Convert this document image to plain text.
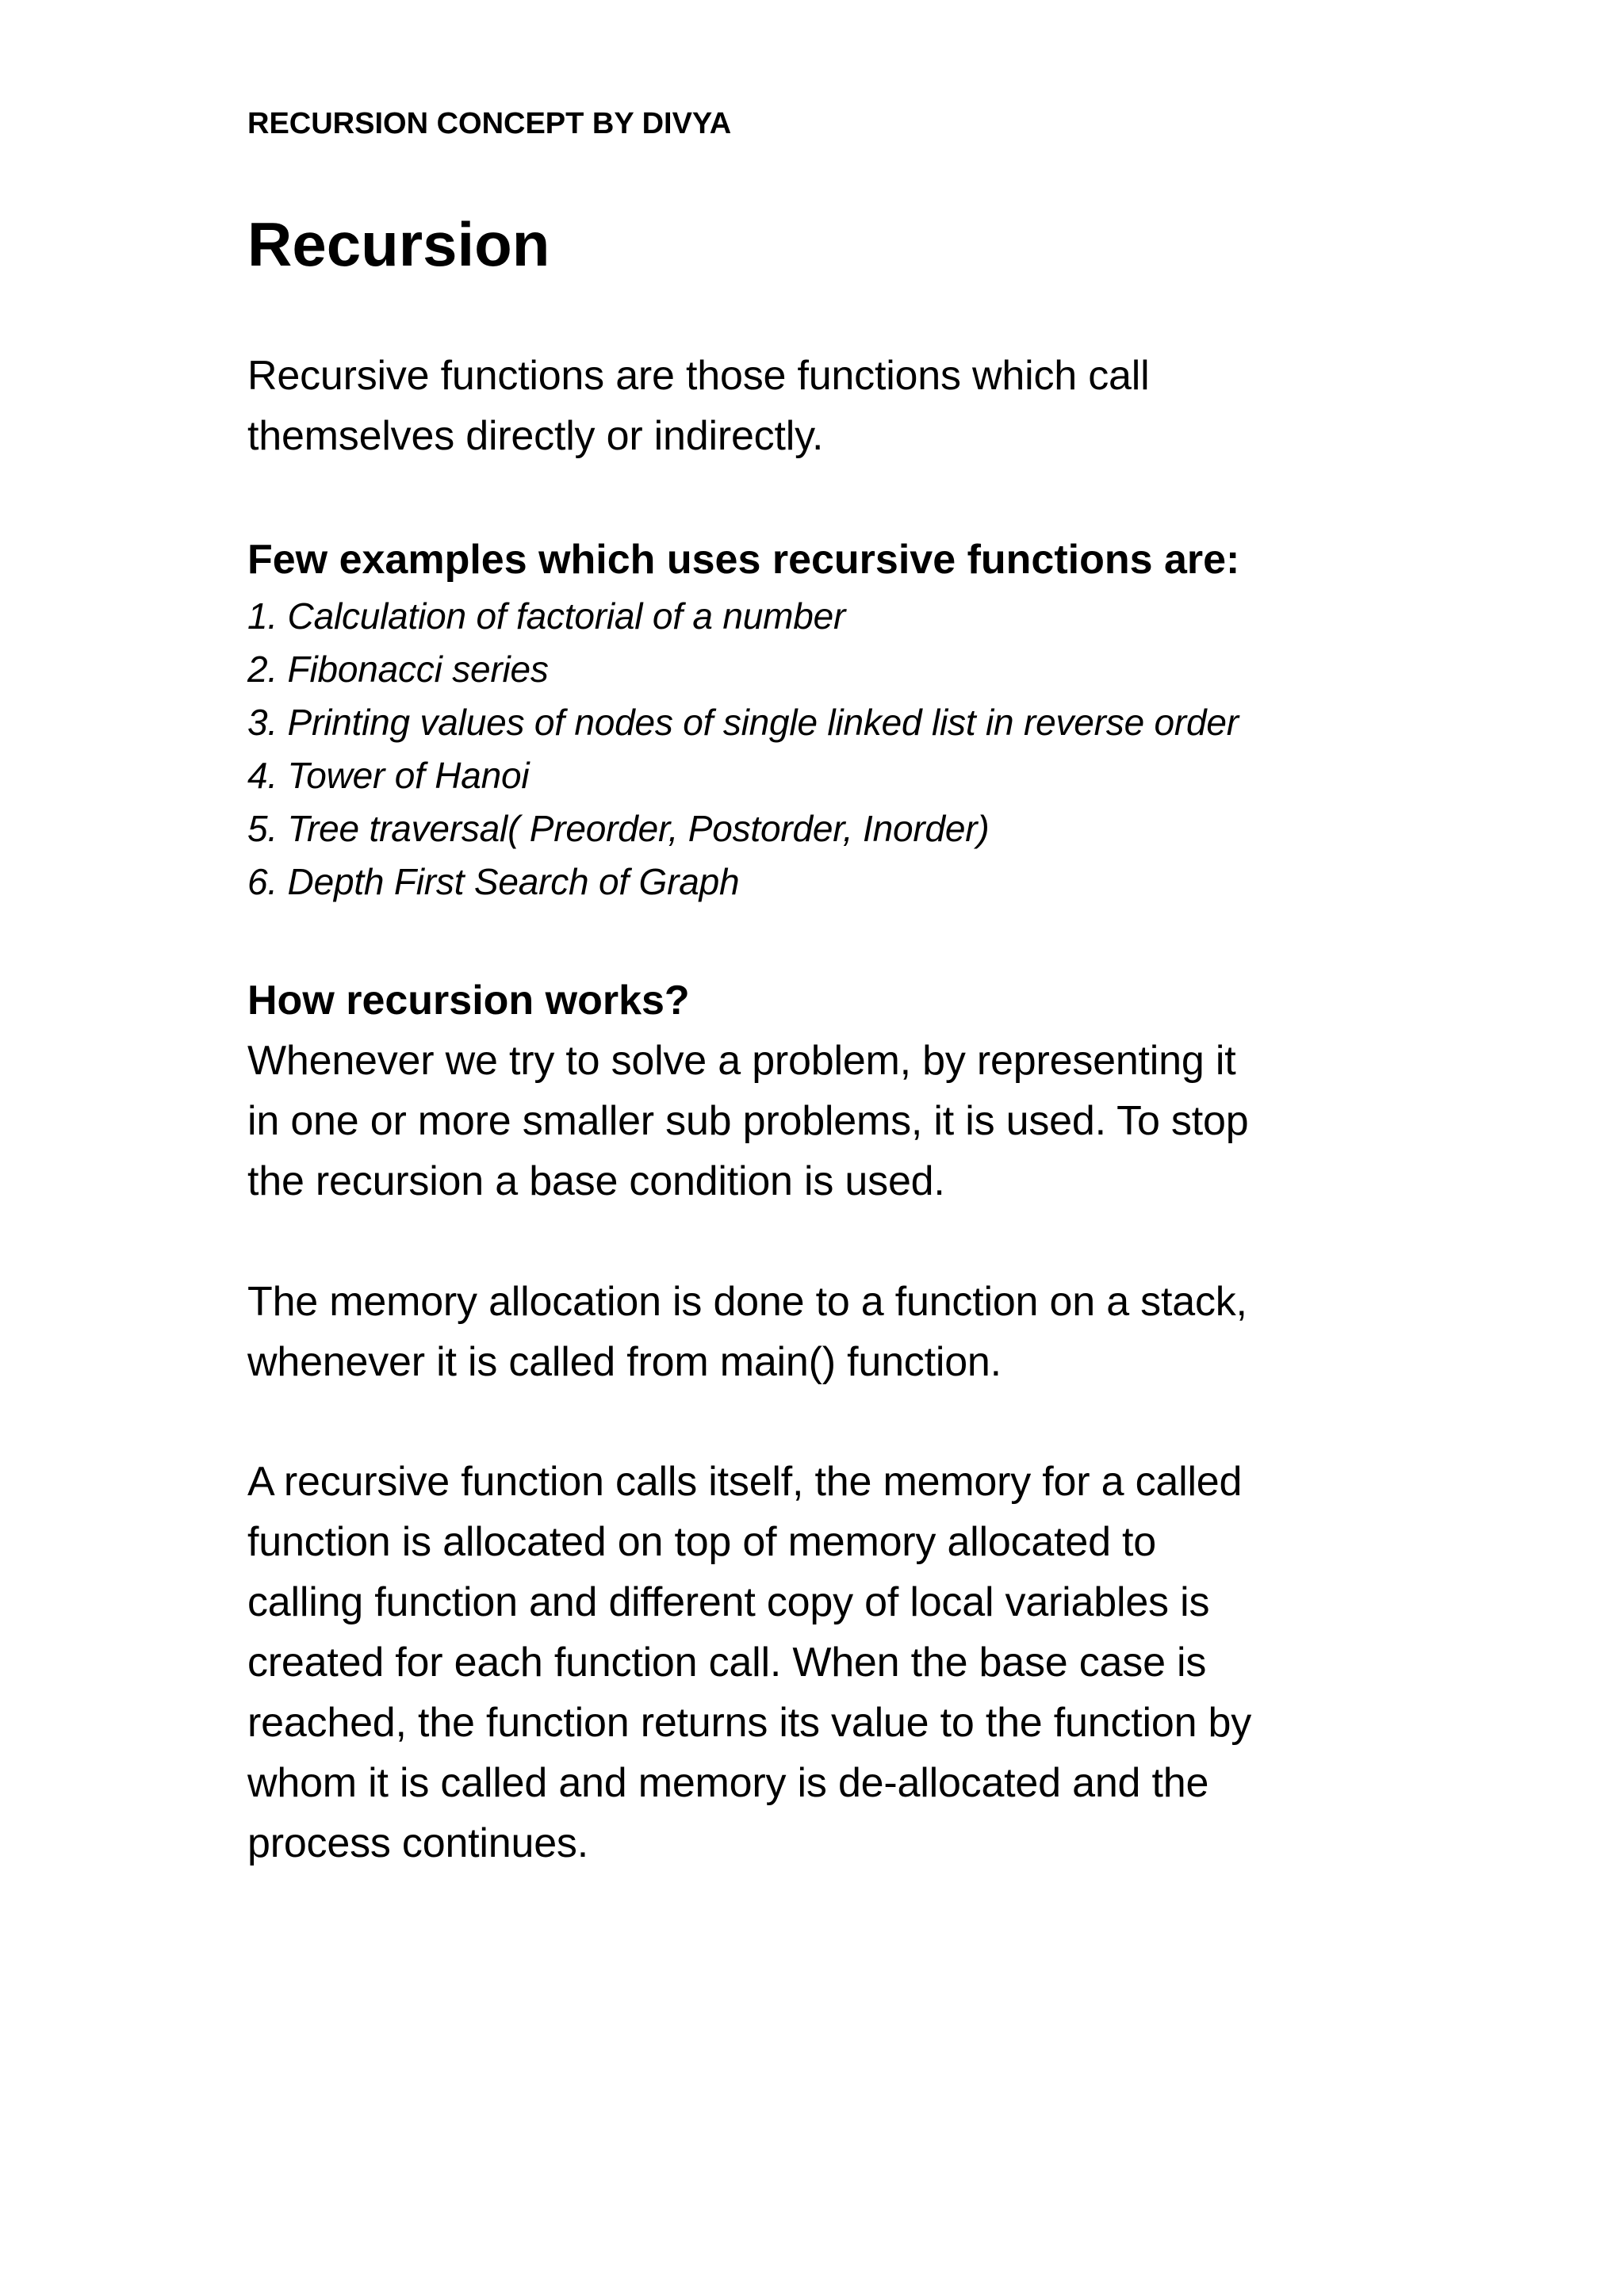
RECURSION CONCEPT BY DIVYA

Recursion

Recursive functions are those functions which call

themselves directly or indirectly.

Few examples which uses recursive functions are:

1. Calculation of factorial of a number
2. Fibonacci series
3. Printing values of nodes of single linked list in reverse order
4. Tower of Hanoi
5. Tree traversal( Preorder, Postorder, Inorder)
6. Depth First Search of Graph

How recursion works?

Whenever we try to solve a problem, by representing it

in one or more smaller sub problems, it is used. To stop

the recursion a base condition is used.

The memory allocation is done to a function on a stack,

whenever it is called from main() function.

A recursive function calls itself, the memory for a called

function is allocated on top of memory allocated to

calling function and different copy of local variables is

created for each function call. When the base case is

reached, the function returns its value to the function by

whom it is called and memory is de-allocated and the

process continues.
